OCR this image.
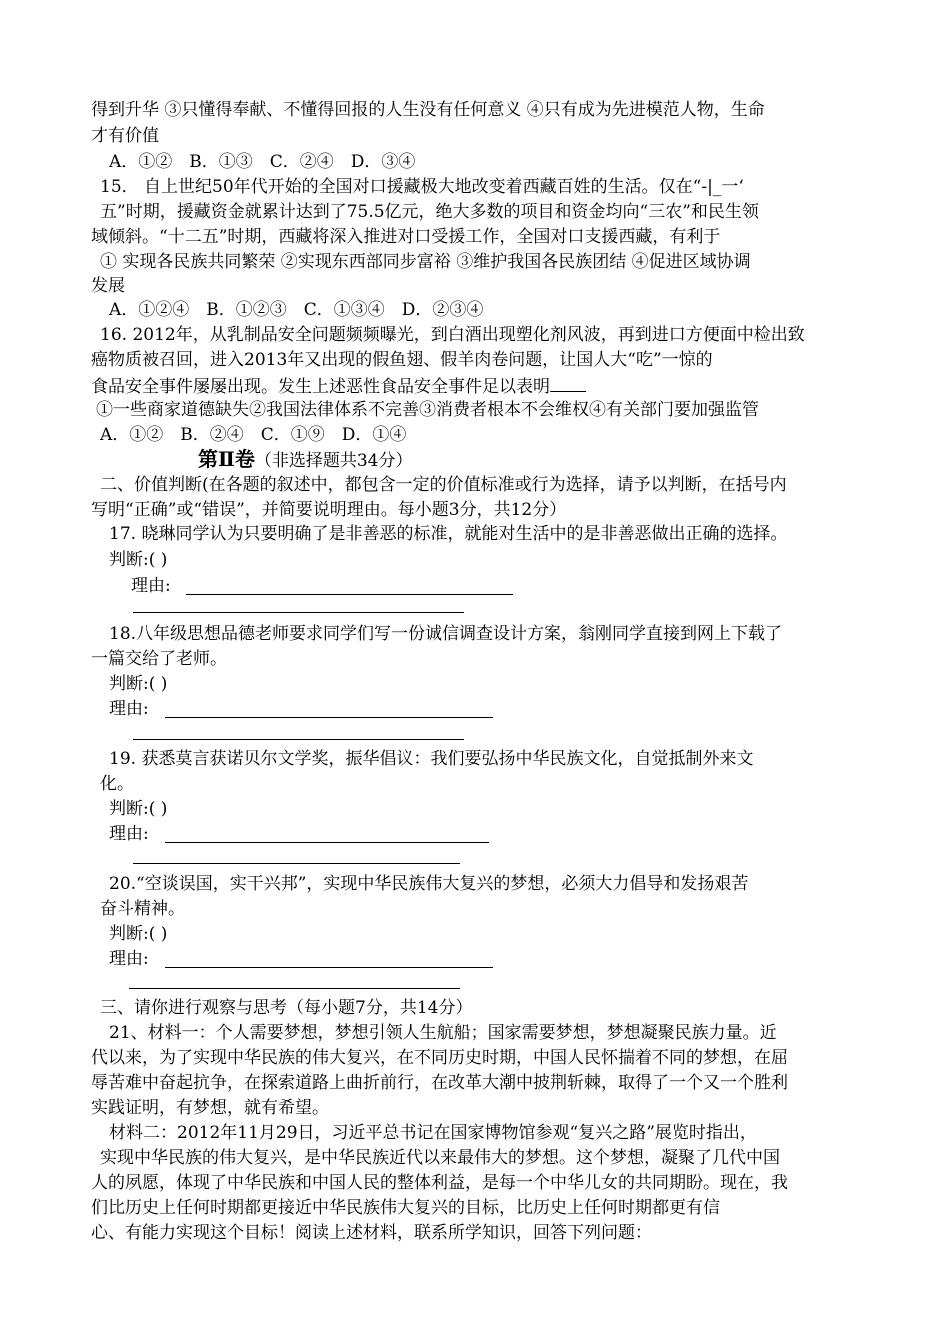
得到升华 ③只懂得奉献、不懂得回报的人生没有任何意义 ④只有成为先进模范人物，生命
才有价值
A．①②　B．①③　C．②④　D．③④
15． 自上世纪50年代开始的全国对口援藏极大地改变着西藏百姓的生活。仅在“-|_一‘
五”时期，援藏资金就累计达到了75.5亿元，绝大多数的项目和资金均向“三农”和民生领
域倾斜。“十二五”时期，西藏将深入推进对口受援工作，全国对口支援西藏，有利于
① 实现各民族共同繁荣 ②实现东西部同步富裕 ③维护我国各民族团结 ④促进区域协调
发展
A．①②④　B．①②③　C．①③④　D．②③④
16. 2012年，从乳制品安全问题频频曝光，到白酒出现塑化剂风波，再到进口方便面中检出致
癌物质被召回，进入2013年又出现的假鱼翅、假羊肉卷问题，让国人大“吃”一惊的
食品安全事件屡屡出现。发生上述恶性食品安全事件足以表明
①一些商家道德缺失②我国法律体系不完善③消费者根本不会维权④有关部门要加强监管
A．①②　B．②④　C．①⑨　D．①④
第Ⅱ卷（非选择题共34分）
二、价值判断(在各题的叙述中，都包含一定的价值标准或行为选择，请予以判断，在括号内
写明“正确”或“错误”，并简要说明理由。每小题3分，共12分）
17. 晓琳同学认为只要明确了是非善恶的标准，就能对生活中的是非善恶做出正确的选择。
判断:( )
理由:
18.八年级思想品德老师要求同学们写一份诚信调查设计方案，翁刚同学直接到网上下载了
一篇交给了老师。
判断:( )
理由:
19. 获悉莫言获诺贝尔文学奖，振华倡议：我们要弘扬中华民族文化，自觉抵制外来文
化。
判断:( )
理由:
20.“空谈误国，实干兴邦”，实现中华民族伟大复兴的梦想，必须大力倡导和发扬艰苦
奋斗精神。
判断:( )
理由:
三、请你进行观察与思考（每小题7分，共14分）
21、材料一：个人需要梦想，梦想引领人生航船；国家需要梦想，梦想凝聚民族力量。近
代以来，为了实现中华民族的伟大复兴，在不同历史时期，中国人民怀揣着不同的梦想，在屈
辱苦难中奋起抗争，在探索道路上曲折前行，在改革大潮中披荆斩棘，取得了一个又一个胜利
实践证明，有梦想，就有希望。
材料二：2012年11月29日，习近平总书记在国家博物馆参观“复兴之路”展览时指出，
实现中华民族的伟大复兴，是中华民族近代以来最伟大的梦想。这个梦想，凝聚了几代中国
人的夙愿，体现了中华民族和中国人民的整体利益，是每一个中华儿女的共同期盼。现在，我
们比历史上任何时期都更接近中华民族伟大复兴的目标，比历史上任何时期都更有信
心、有能力实现这个目标！阅读上述材料，联系所学知识，回答下列问题：
